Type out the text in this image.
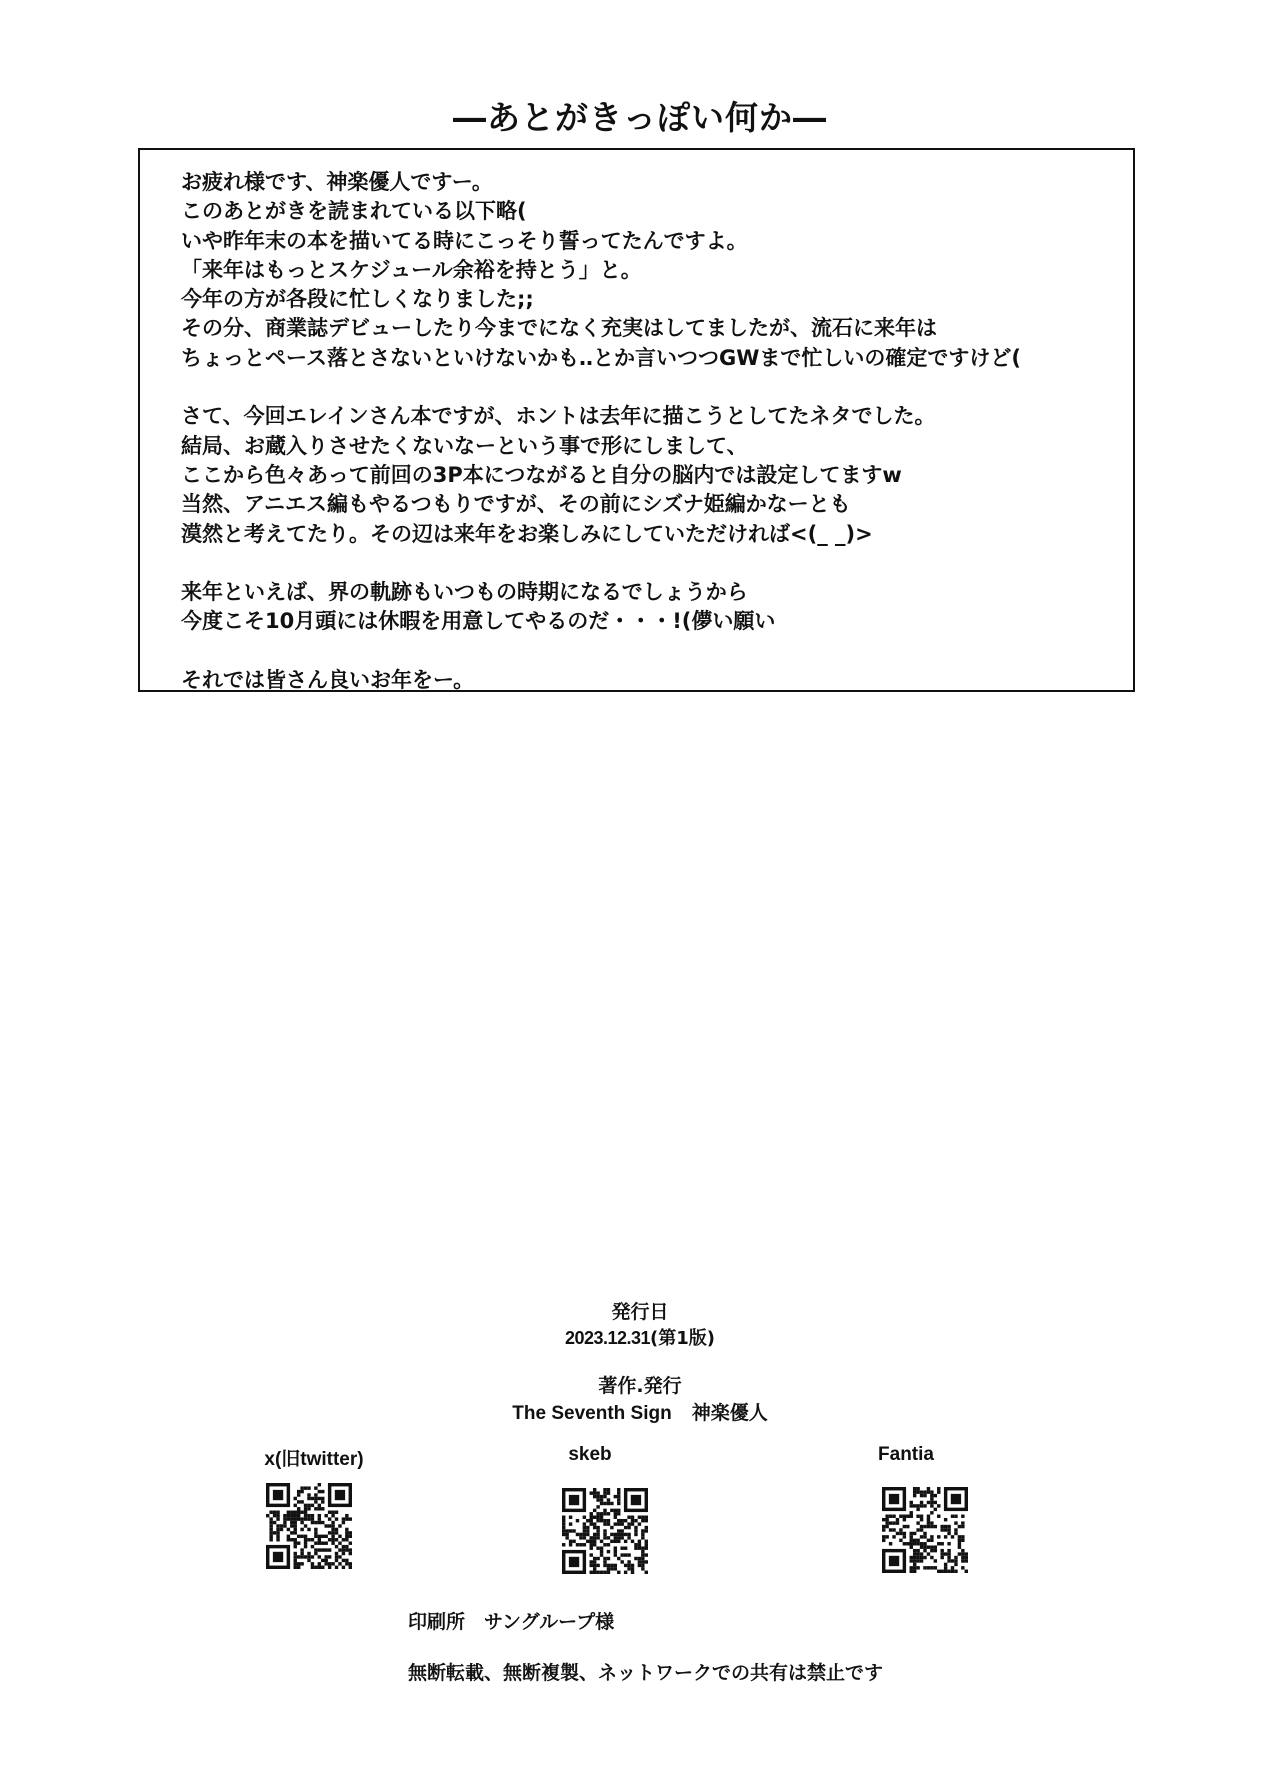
―あとがきっぽい何か―

お疲れ様です、神楽優人ですー。

このあとがきを読まれている以下略(

いや昨年末の本を描いてる時にこっそり誓ってたんですよ。

「来年はもっとスケジュール余裕を持とう」と。

今年の方が各段に忙しくなりました;;

その分、商業誌デビューしたり今までになく充実はしてましたが、流石に来年は

ちょっとペース落とさないといけないかも‥とか言いつつGWまで忙しいの確定ですけど(

さて、今回エレインさん本ですが、ホントは去年に描こうとしてたネタでした。

結局、お蔵入りさせたくないなーという事で形にしまして、

ここから色々あって前回の3P本につながると自分の脳内では設定してますw

当然、アニエス編もやるつもりですが、その前にシズナ姫編かなーとも

漠然と考えてたり。その辺は来年をお楽しみにしていただければ<(_ _)>

来年といえば、界の軌跡もいつもの時期になるでしょうから

今度こそ10月頭には休暇を用意してやるのだ・・・!(儚い願い

それでは皆さん良いお年をー。

発行日
2023.12.31(第1版)
著作.発行
The Seventh Sign 神楽優人
x(旧twitter)	skeb	Fantia
印刷所　サングループ様
無断転載、無断複製、ネットワークでの共有は禁止です
